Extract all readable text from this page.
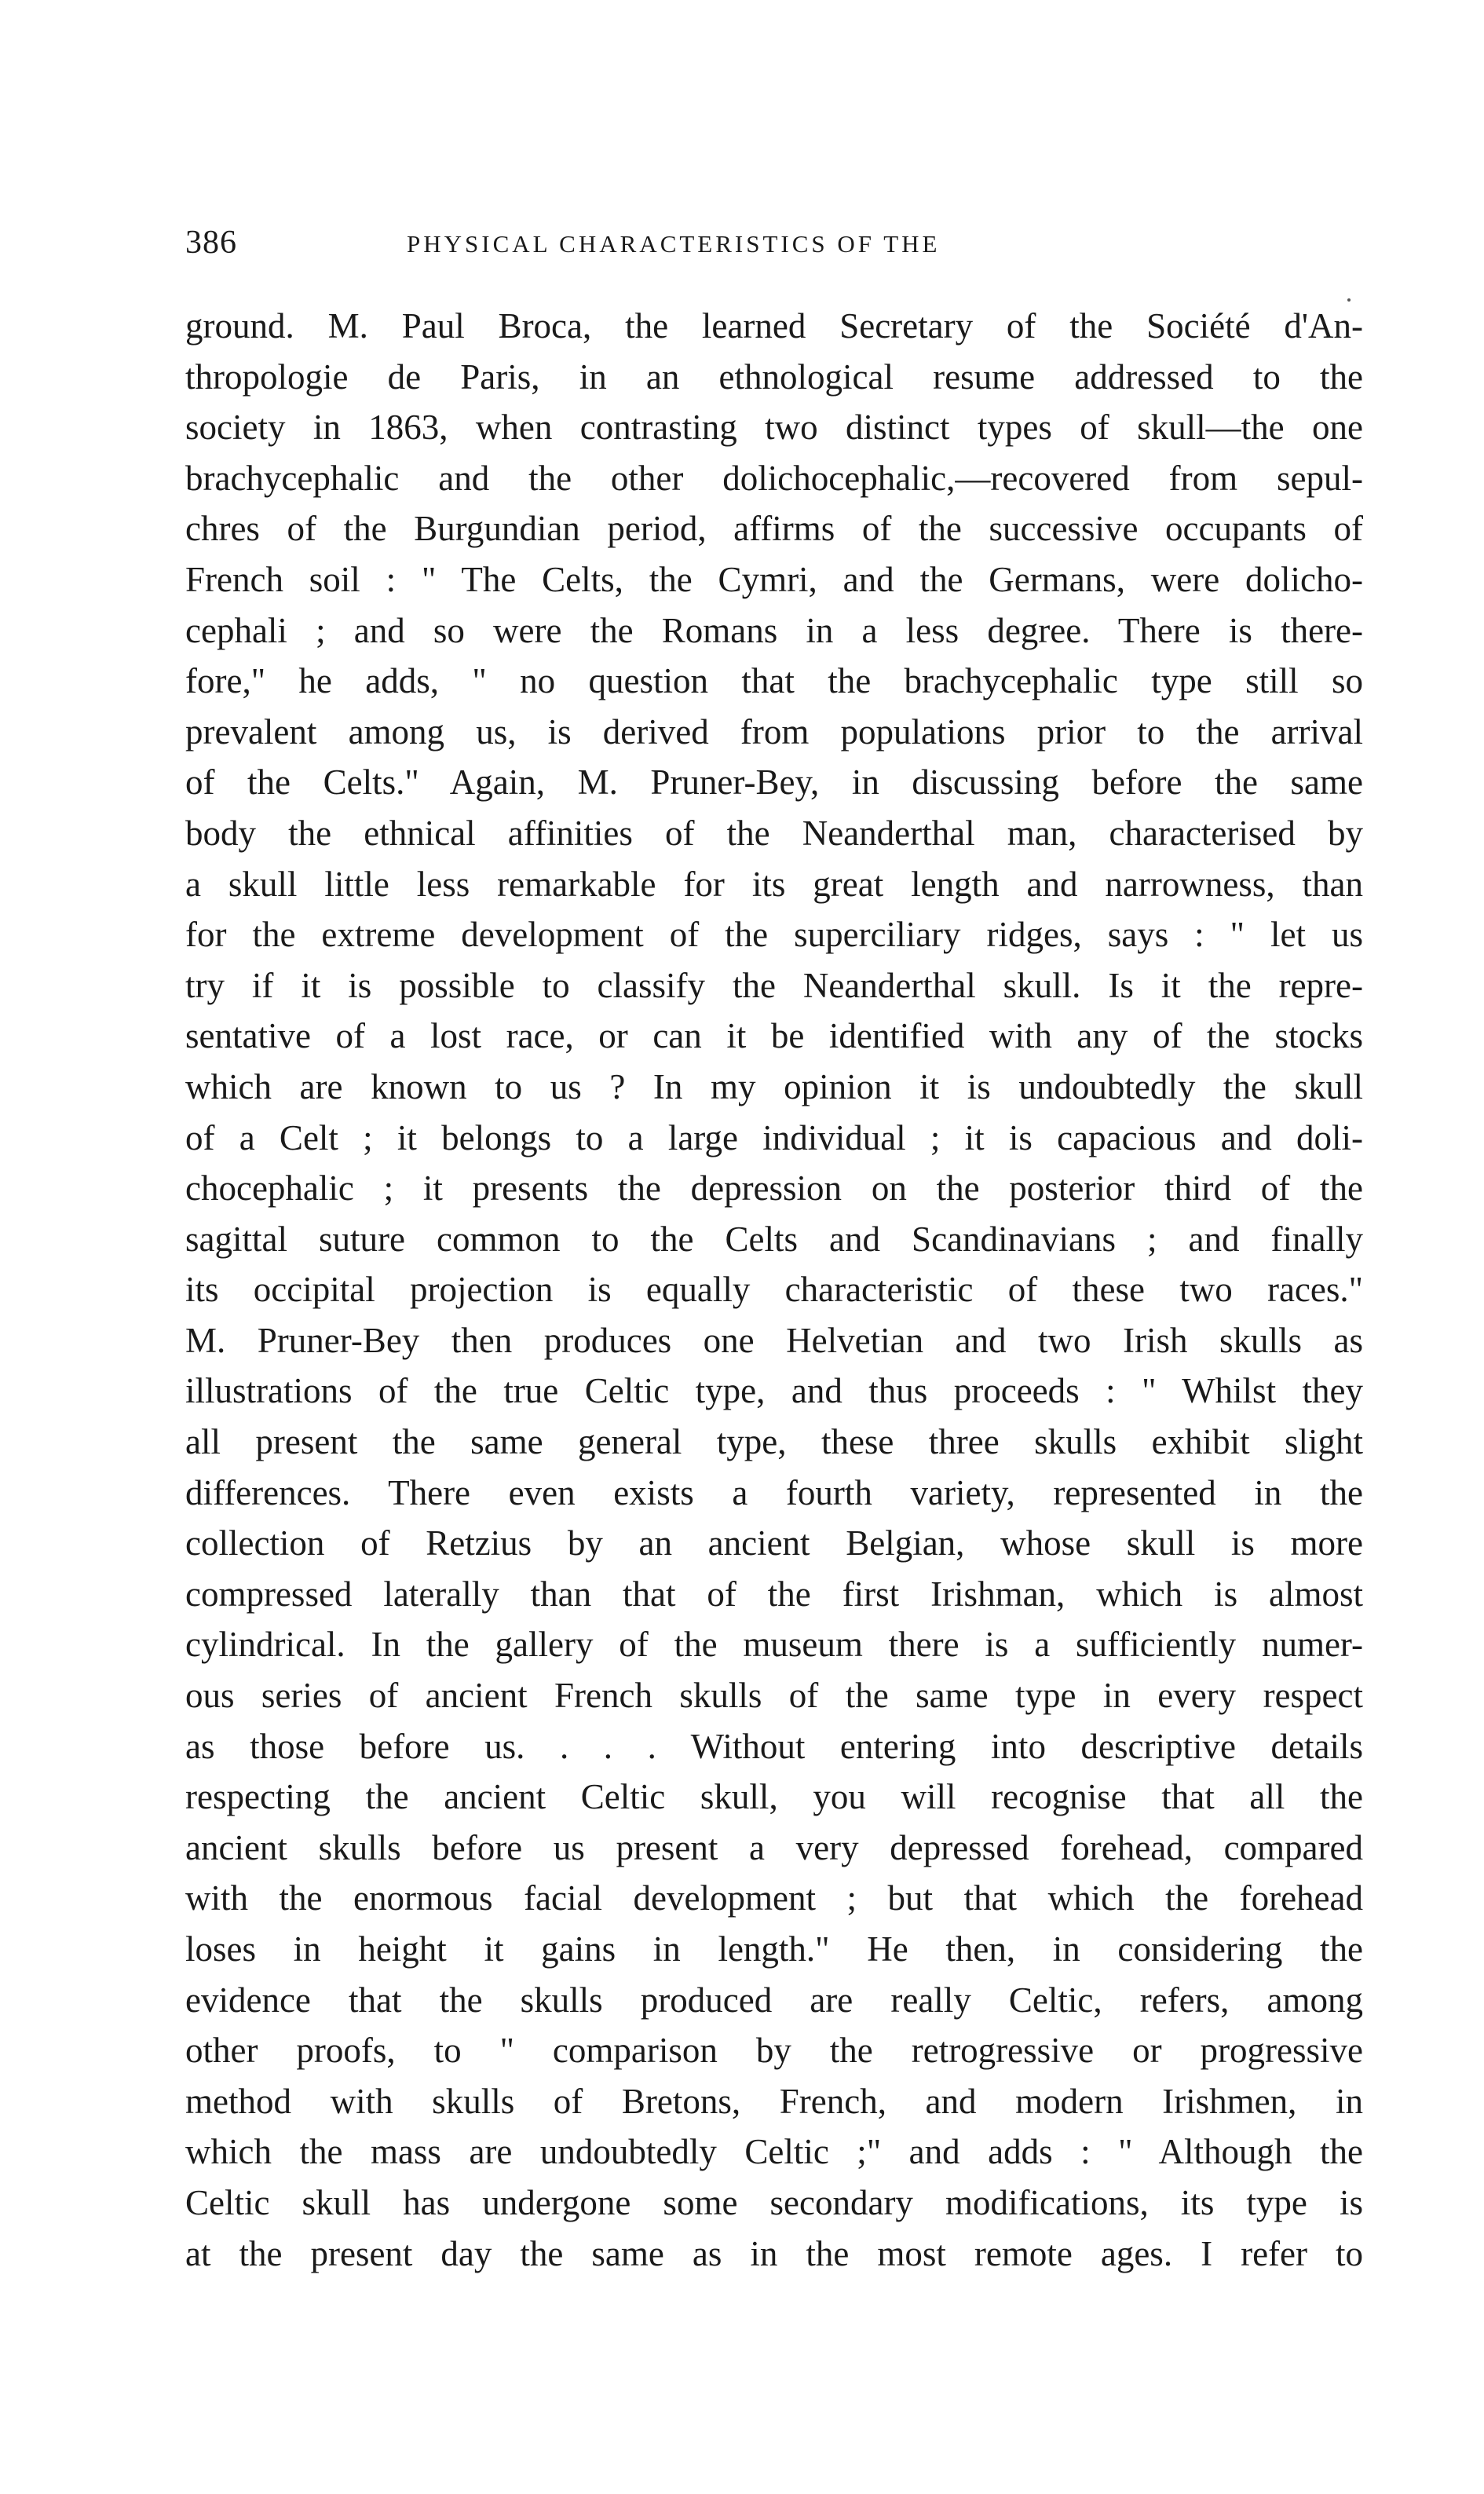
386	PHYSICAL CHARACTERISTICS OF THE
ground. M. Paul Broca, the learned Secretary of the Société d'An-
thropologie de Paris, in an ethnological resume addressed to the
society in 1863, when contrasting two distinct types of skull—the one
brachycephalic and the other dolichocephalic,—recovered from sepul-
chres of the Burgundian period, affirms of the successive occupants of
French soil : " The Celts, the Cymri, and the Germans, were dolicho-
cephali ; and so were the Romans in a less degree. There is there-
fore," he adds, " no question that the brachycephalic type still so
prevalent among us, is derived from populations prior to the arrival
of the Celts." Again, M. Pruner-Bey, in discussing before the same
body the ethnical affinities of the Neanderthal man, characterised by
a skull little less remarkable for its great length and narrowness, than
for the extreme development of the superciliary ridges, says : " let us
try if it is possible to classify the Neanderthal skull. Is it the repre-
sentative of a lost race, or can it be identified with any of the stocks
which are known to us ? In my opinion it is undoubtedly the skull
of a Celt ; it belongs to a large individual ; it is capacious and doli-
chocephalic ; it presents the depression on the posterior third of the
sagittal suture common to the Celts and Scandinavians ; and finally
its occipital projection is equally characteristic of these two races."
M. Pruner-Bey then produces one Helvetian and two Irish skulls as
illustrations of the true Celtic type, and thus proceeds : " Whilst they
all present the same general type, these three skulls exhibit slight
differences. There even exists a fourth variety, represented in the
collection of Retzius by an ancient Belgian, whose skull is more
compressed laterally than that of the first Irishman, which is almost
cylindrical. In the gallery of the museum there is a sufficiently numer-
ous series of ancient French skulls of the same type in every respect
as those before us. . . . Without entering into descriptive details
respecting the ancient Celtic skull, you will recognise that all the
ancient skulls before us present a very depressed forehead, compared
with the enormous facial development ; but that which the forehead
loses in height it gains in length." He then, in considering the
evidence that the skulls produced are really Celtic, refers, among
other proofs, to " comparison by the retrogressive or progressive
method with skulls of Bretons, French, and modern Irishmen, in
which the mass are undoubtedly Celtic ;" and adds : " Although the
Celtic skull has undergone some secondary modifications, its type is
at the present day the same as in the most remote ages. I refer to
